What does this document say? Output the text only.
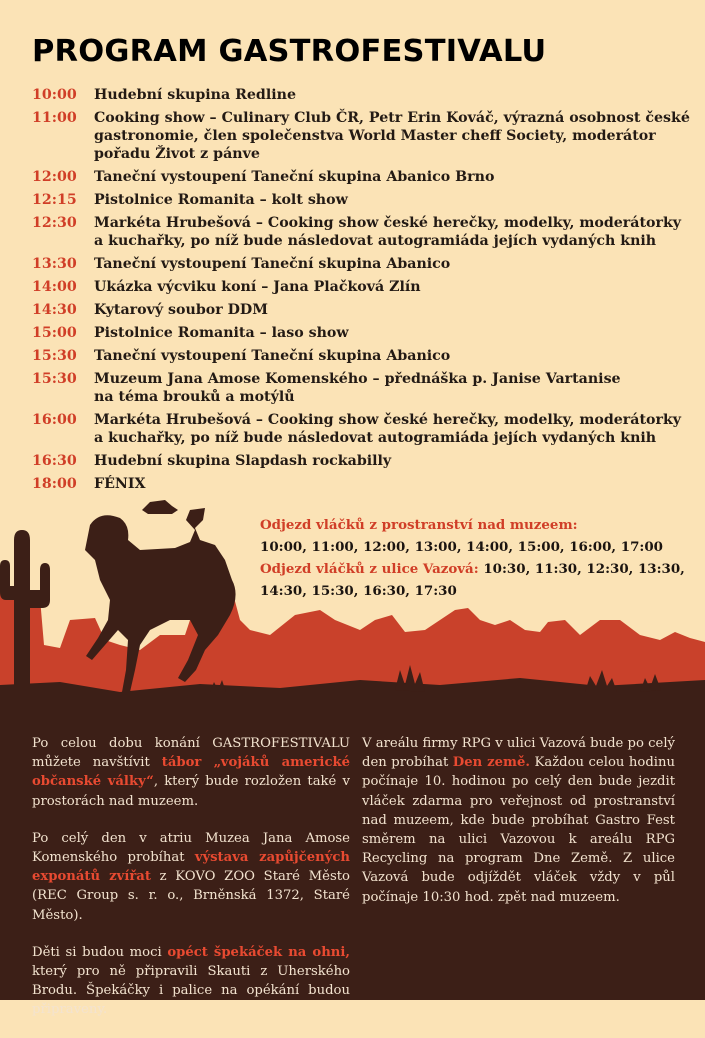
PROGRAM GASTROFESTIVALU
10:00	Hudební skupina Redline
11:00	Cooking show – Culinary Club ČR, Petr Erin Kováč, výrazná osobnost české
gastronomie, člen společenstva World Master cheff Society, moderátor
pořadu Život z pánve
12:00	Taneční vystoupení Taneční skupina Abanico Brno
12:15	Pistolnice Romanita – kolt show
12:30	Markéta Hrubešová – Cooking show české herečky, modelky, moderátorky
a kuchařky, po níž bude následovat autogramiáda jejích vydaných knih
13:30	Taneční vystoupení Taneční skupina Abanico
14:00	Ukázka výcviku koní – Jana Plačková Zlín
14:30	Kytarový soubor DDM
15:00	Pistolnice Romanita – laso show
15:30	Taneční vystoupení Taneční skupina Abanico
15:30	Muzeum Jana Amose Komenského – přednáška p. Janise Vartanise
na téma brouků a motýlů
16:00	Markéta Hrubešová – Cooking show české herečky, modelky, moderátorky
a kuchařky, po níž bude následovat autogramiáda jejích vydaných knih
16:30	Hudební skupina Slapdash rockabilly
18:00	FÉNIX
Odjezd vláčků z prostranství nad muzeem:
10:00, 11:00, 12:00, 13:00, 14:00, 15:00, 16:00, 17:00
Odjezd vláčků z ulice Vazová: 10:30, 11:30, 12:30, 13:30,
14:30, 15:30, 16:30, 17:30

Po celou dobu konání GASTROFESTIVALU můžete navštívit tábor „vojáků americké občanské války“, který bude rozložen také v prostorách nad muzeem.

Po celý den v atriu Muzea Jana Amose Komenského probíhat výstava zapůjčených exponátů zvířat z KOVO ZOO Staré Město (REC Group s. r. o., Brněnská 1372, Staré Město).

Děti si budou moci opéct špekáček na ohni, který pro ně připravili Skauti z Uherského Brodu. Špekáčky i palice na opékání budou připraveny.

V areálu firmy RPG v ulici Vazová bude po celý den probíhat Den země. Každou celou hodinu počínaje 10. hodinou po celý den bude jezdit vláček zdarma pro veřejnost od prostranství nad muzeem, kde bude probíhat Gastro Fest směrem na ulici Vazovou k areálu RPG Recycling na program Dne Země. Z ulice Vazová bude odjíždět vláček vždy v půl počínaje 10:30 hod. zpět nad muzeem.
